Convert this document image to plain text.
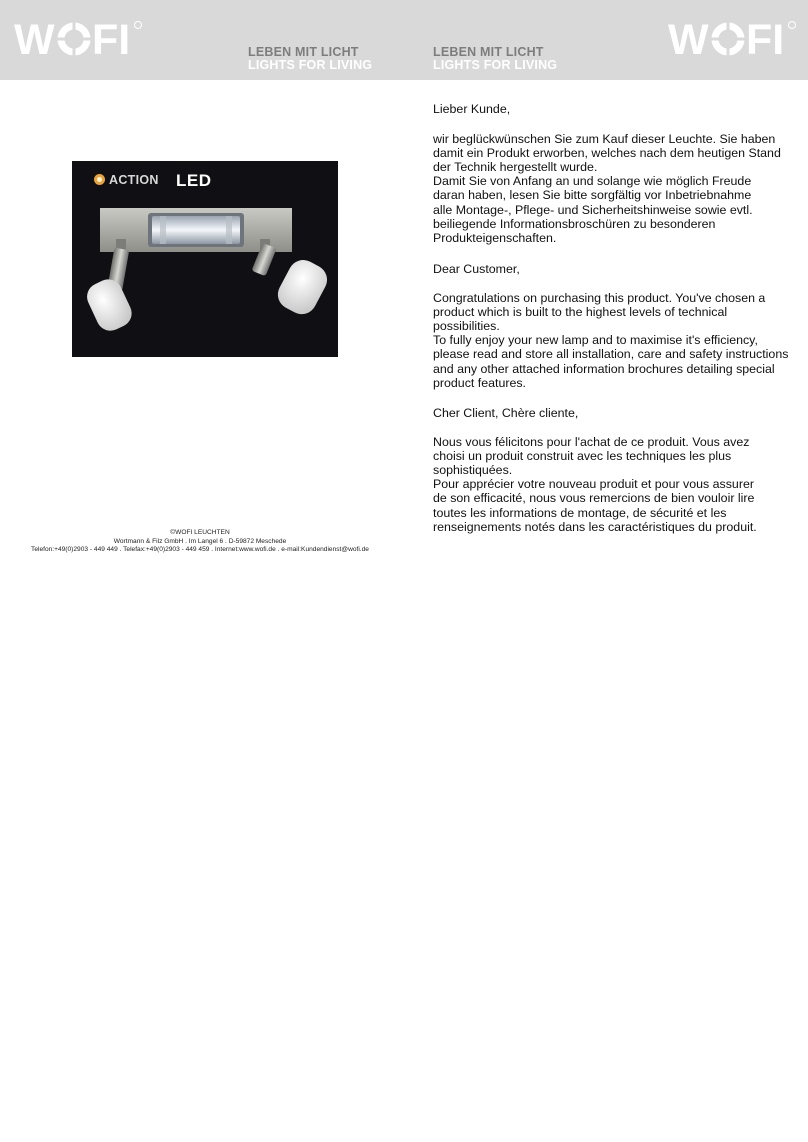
W FI	LEBEN MIT LICHT
LIGHTS FOR LIVING
LEBEN MIT LICHT
LIGHTS FOR LIVING
W FI
ACTION LED

Lieber Kunde,

wir beglückwünschen Sie zum Kauf dieser Leuchte. Sie haben
damit ein Produkt erworben, welches nach dem heutigen Stand
der Technik hergestellt wurde.
Damit Sie von Anfang an und solange wie möglich Freude
daran haben, lesen Sie bitte sorgfältig vor Inbetriebnahme
alle Montage-, Pflege- und Sicherheitshinweise sowie evtl.
beiliegende Informationsbroschüren zu besonderen
Produkteigenschaften.

Dear Customer,

Congratulations on purchasing this product. You've chosen a
product which is built to the highest levels of technical
possibilities.
To fully enjoy your new lamp and to maximise it's efficiency,
please read and store all installation, care and safety instructions
and any other attached information brochures detailing special
product features.

Cher Client, Chère cliente,

Nous vous félicitons pour l'achat de ce produit. Vous avez
choisi un produit construit avec les techniques les plus
sophistiquées.
Pour apprécier votre nouveau produit et pour vous assurer
de son efficacité, nous vous remercions de bien vouloir lire
toutes les informations de montage, de sécurité et les
renseignements notés dans les caractéristiques du produit.

©WOFI LEUCHTEN
Wortmann & Filz GmbH . Im Langel 6 . D-59872 Meschede
Telefon:+49(0)2903 - 449 449 . Telefax:+49(0)2903 - 449 459 . Internet:www.wofi.de . e-mail:Kundendienst@wofi.de
